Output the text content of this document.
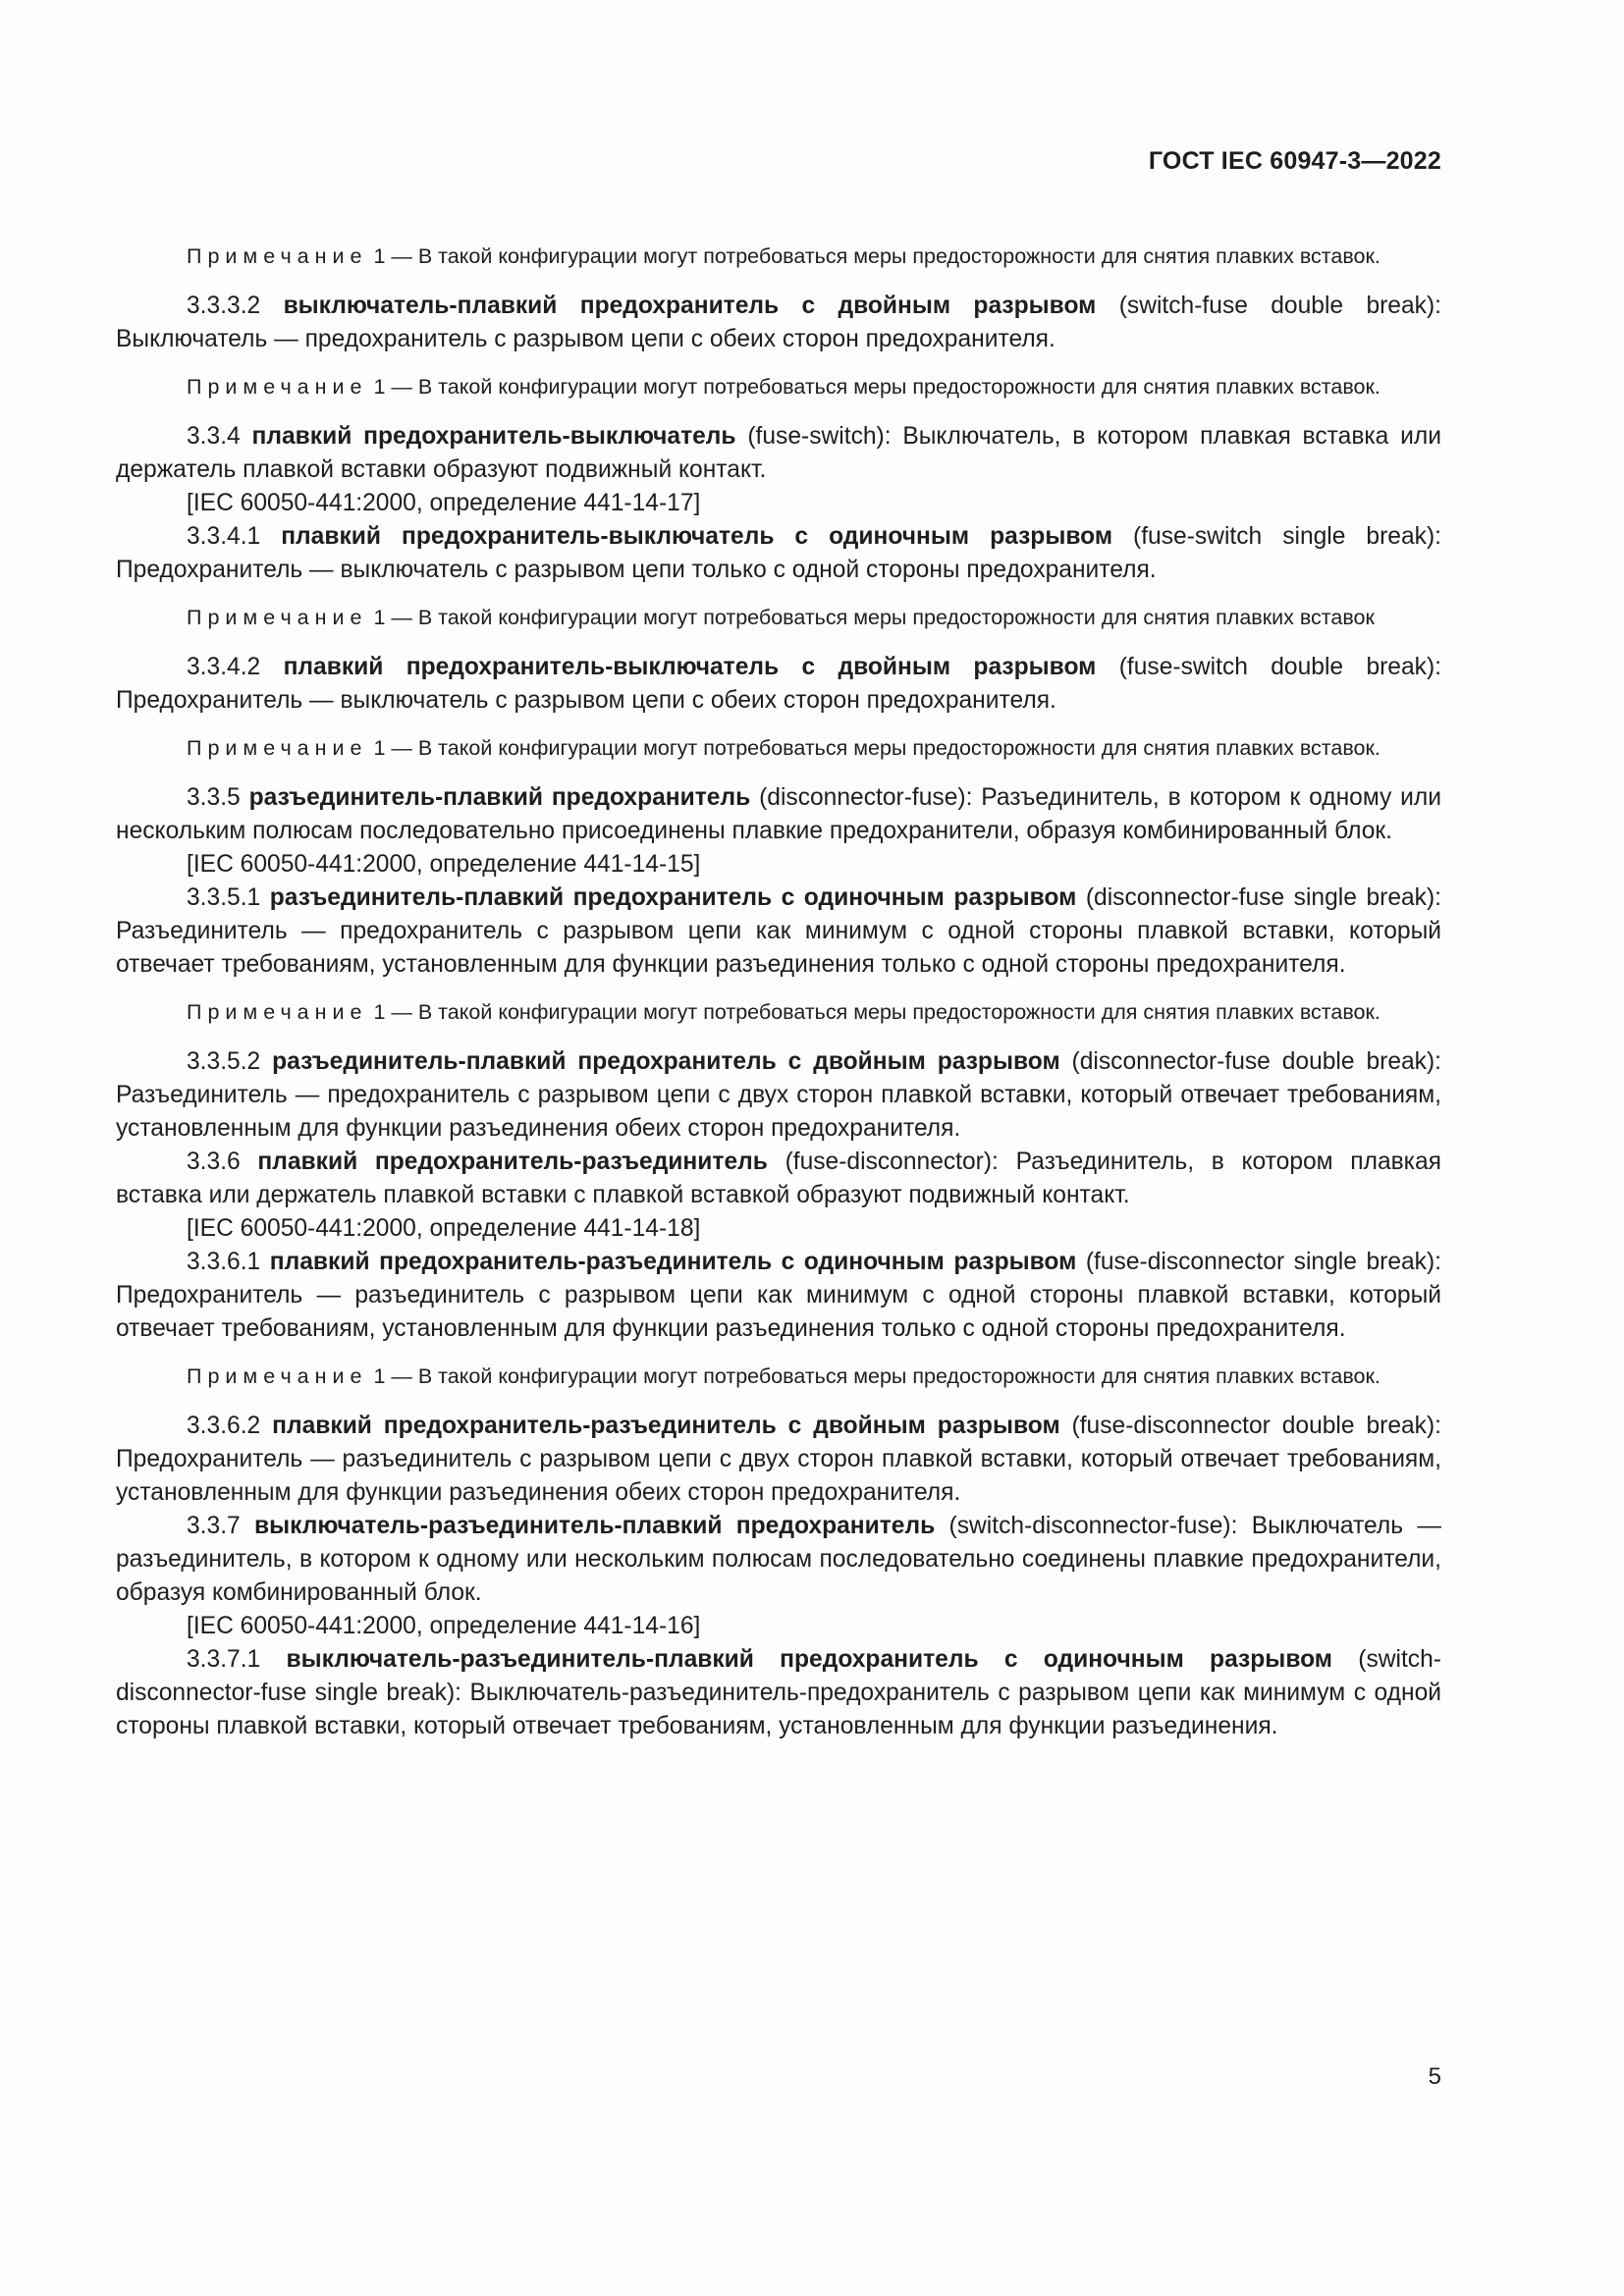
ГОСТ IEC 60947-3—2022

Примечание 1 — В такой конфигурации могут потребоваться меры предосторожности для снятия плавких вставок.

3.3.3.2 выключатель-плавкий предохранитель с двойным разрывом (switch-fuse double break): Выключатель — предохранитель с разрывом цепи с обеих сторон предохранителя.

Примечание 1 — В такой конфигурации могут потребоваться меры предосторожности для снятия плавких вставок.

3.3.4 плавкий предохранитель-выключатель (fuse-switch): Выключатель, в котором плавкая вставка или держатель плавкой вставки образуют подвижный контакт.

[IEC 60050-441:2000, определение 441-14-17]

3.3.4.1 плавкий предохранитель-выключатель с одиночным разрывом (fuse-switch single break): Предохранитель — выключатель с разрывом цепи только с одной стороны предохранителя.

Примечание 1 — В такой конфигурации могут потребоваться меры предосторожности для снятия плавких вставок

3.3.4.2 плавкий предохранитель-выключатель с двойным разрывом (fuse-switch double break): Предохранитель — выключатель с разрывом цепи с обеих сторон предохранителя.

Примечание 1 — В такой конфигурации могут потребоваться меры предосторожности для снятия плавких вставок.

3.3.5 разъединитель-плавкий предохранитель (disconnector-fuse): Разъединитель, в котором к одному или нескольким полюсам последовательно присоединены плавкие предохранители, образуя комбинированный блок.

[IEC 60050-441:2000, определение 441-14-15]

3.3.5.1 разъединитель-плавкий предохранитель с одиночным разрывом (disconnector-fuse single break): Разъединитель — предохранитель с разрывом цепи как минимум с одной стороны плавкой вставки, который отвечает требованиям, установленным для функции разъединения только с одной стороны предохранителя.

Примечание 1 — В такой конфигурации могут потребоваться меры предосторожности для снятия плавких вставок.

3.3.5.2 разъединитель-плавкий предохранитель с двойным разрывом (disconnector-fuse double break): Разъединитель — предохранитель с разрывом цепи с двух сторон плавкой вставки, который отвечает требованиям, установленным для функции разъединения обеих сторон предохранителя.

3.3.6 плавкий предохранитель-разъединитель (fuse-disconnector): Разъединитель, в котором плавкая вставка или держатель плавкой вставки с плавкой вставкой образуют подвижный контакт.

[IEC 60050-441:2000, определение 441-14-18]

3.3.6.1 плавкий предохранитель-разъединитель с одиночным разрывом (fuse-disconnector single break): Предохранитель — разъединитель с разрывом цепи как минимум с одной стороны плавкой вставки, который отвечает требованиям, установленным для функции разъединения только с одной стороны предохранителя.

Примечание 1 — В такой конфигурации могут потребоваться меры предосторожности для снятия плавких вставок.

3.3.6.2 плавкий предохранитель-разъединитель с двойным разрывом (fuse-disconnector double break): Предохранитель — разъединитель с разрывом цепи с двух сторон плавкой вставки, который отвечает требованиям, установленным для функции разъединения обеих сторон предохранителя.

3.3.7 выключатель-разъединитель-плавкий предохранитель (switch-disconnector-fuse): Выключатель — разъединитель, в котором к одному или нескольким полюсам последовательно соединены плавкие предохранители, образуя комбинированный блок.

[IEC 60050-441:2000, определение 441-14-16]

3.3.7.1 выключатель-разъединитель-плавкий предохранитель с одиночным разрывом (switch-disconnector-fuse single break): Выключатель-разъединитель-предохранитель с разрывом цепи как минимум с одной стороны плавкой вставки, который отвечает требованиям, установленным для функции разъединения.

5
